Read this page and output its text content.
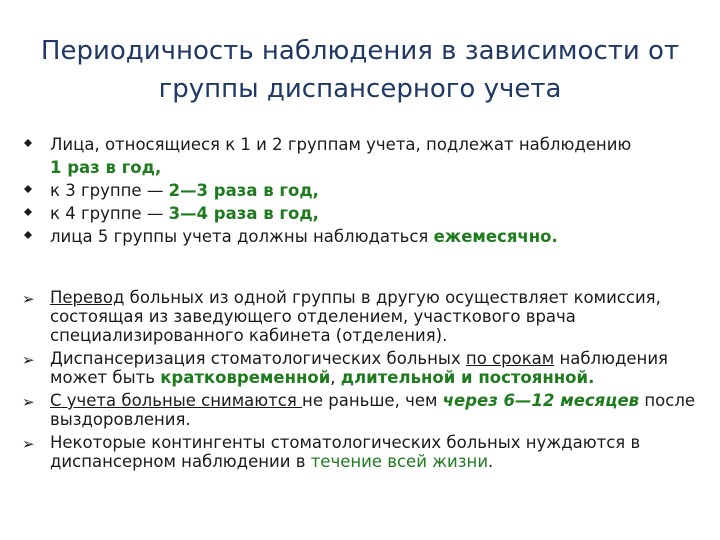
Периодичность наблюдения в зависимости от
группы диспансерного учета
Лица, относящиеся к 1 и 2 группам учета, подлежат наблюдению
1 раз в год,
к 3 группе — 2—3 раза в год,
к 4 группе — 3—4 раза в год,
лица 5 группы учета должны наблюдаться ежемесячно.
➢ Перевод больных из одной группы в другую осуществляет комиссия, состоящая из заведующего отделением, участкового врача специализированного кабинета (отделения).
➢ Диспансеризация стоматологических больных по срокам наблюдения может быть кратковременной, длительной и постоянной.
➢ С учета больные снимаются не раньше, чем через 6—12 месяцев после выздоровления.
➢ Некоторые контингенты стоматологических больных нуждаются в диспансерном наблюдении в течение всей жизни.
